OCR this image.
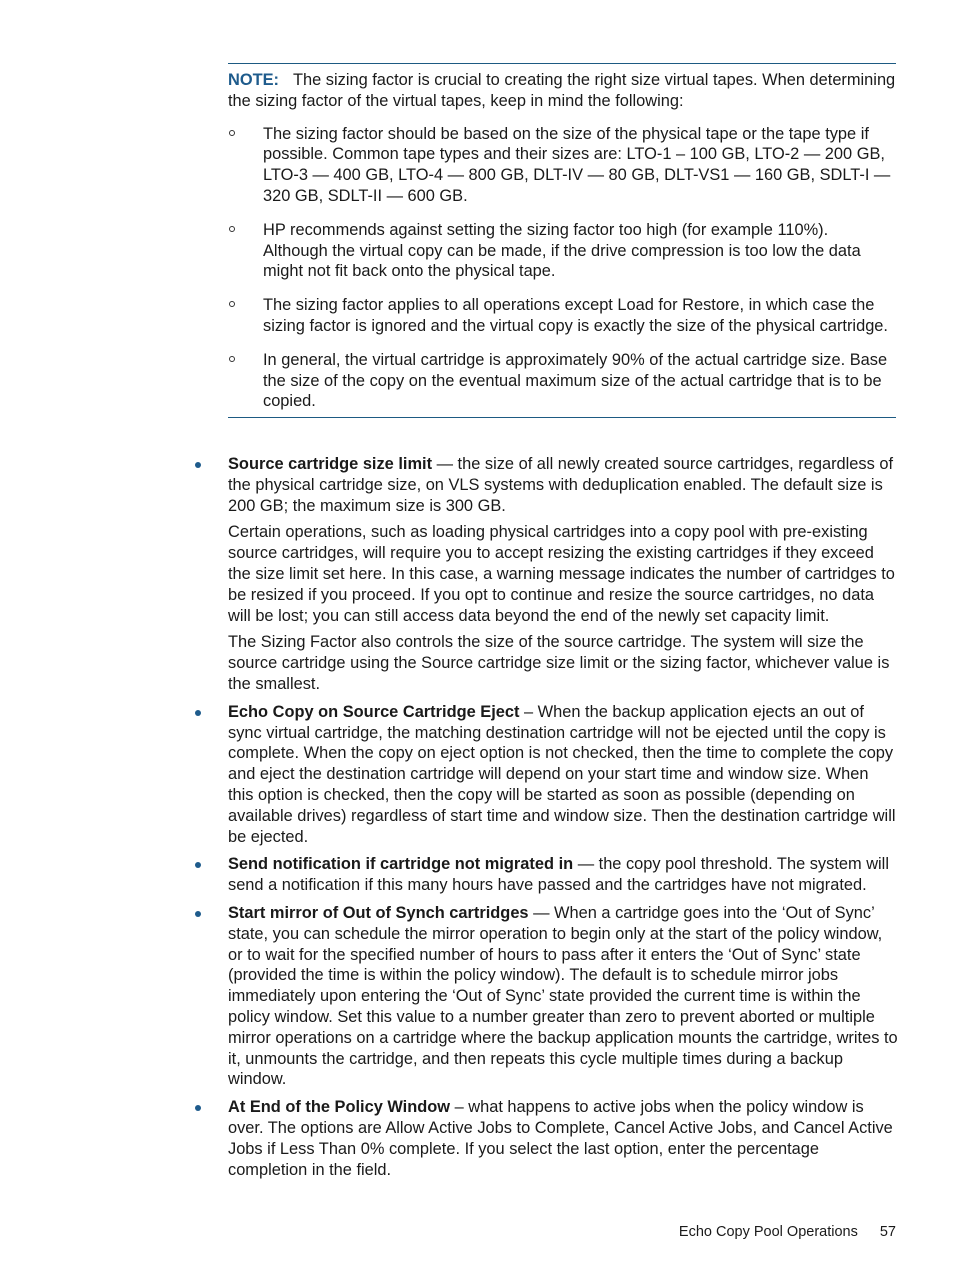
NOTE: The sizing factor is crucial to creating the right size virtual tapes. When determining the sizing factor of the virtual tapes, keep in mind the following:

The sizing factor should be based on the size of the physical tape or the tape type if possible. Common tape types and their sizes are: LTO-1 – 100 GB, LTO-2 — 200 GB, LTO-3 — 400 GB, LTO-4 — 800 GB, DLT-IV — 80 GB, DLT-VS1 — 160 GB, SDLT-I — 320 GB, SDLT-II — 600 GB.
HP recommends against setting the sizing factor too high (for example 110%). Although the virtual copy can be made, if the drive compression is too low the data might not fit back onto the physical tape.
The sizing factor applies to all operations except Load for Restore, in which case the sizing factor is ignored and the virtual copy is exactly the size of the physical cartridge.
In general, the virtual cartridge is approximately 90% of the actual cartridge size. Base the size of the copy on the eventual maximum size of the actual cartridge that is to be copied.

Source cartridge size limit — the size of all newly created source cartridges, regardless of the physical cartridge size, on VLS systems with deduplication enabled. The default size is 200 GB; the maximum size is 300 GB.

Certain operations, such as loading physical cartridges into a copy pool with pre-existing source cartridges, will require you to accept resizing the existing cartridges if they exceed the size limit set here. In this case, a warning message indicates the number of cartridges to be resized if you proceed. If you opt to continue and resize the source cartridges, no data will be lost; you can still access data beyond the end of the newly set capacity limit.

The Sizing Factor also controls the size of the source cartridge. The system will size the source cartridge using the Source cartridge size limit or the sizing factor, whichever value is the smallest.

Echo Copy on Source Cartridge Eject – When the backup application ejects an out of sync virtual cartridge, the matching destination cartridge will not be ejected until the copy is complete. When the copy on eject option is not checked, then the time to complete the copy and eject the destination cartridge will depend on your start time and window size. When this option is checked, then the copy will be started as soon as possible (depending on available drives) regardless of start time and window size. Then the destination cartridge will be ejected.

Send notification if cartridge not migrated in — the copy pool threshold. The system will send a notification if this many hours have passed and the cartridges have not migrated.

Start mirror of Out of Synch cartridges — When a cartridge goes into the ‘Out of Sync’ state, you can schedule the mirror operation to begin only at the start of the policy window, or to wait for the specified number of hours to pass after it enters the ‘Out of Sync’ state (provided the time is within the policy window). The default is to schedule mirror jobs immediately upon entering the ‘Out of Sync’ state provided the current time is within the policy window. Set this value to a number greater than zero to prevent aborted or multiple mirror operations on a cartridge where the backup application mounts the cartridge, writes to it, unmounts the cartridge, and then repeats this cycle multiple times during a backup window.

At End of the Policy Window – what happens to active jobs when the policy window is over. The options are Allow Active Jobs to Complete, Cancel Active Jobs, and Cancel Active Jobs if Less Than 0% complete. If you select the last option, enter the percentage completion in the field.

Echo Copy Pool Operations 57
